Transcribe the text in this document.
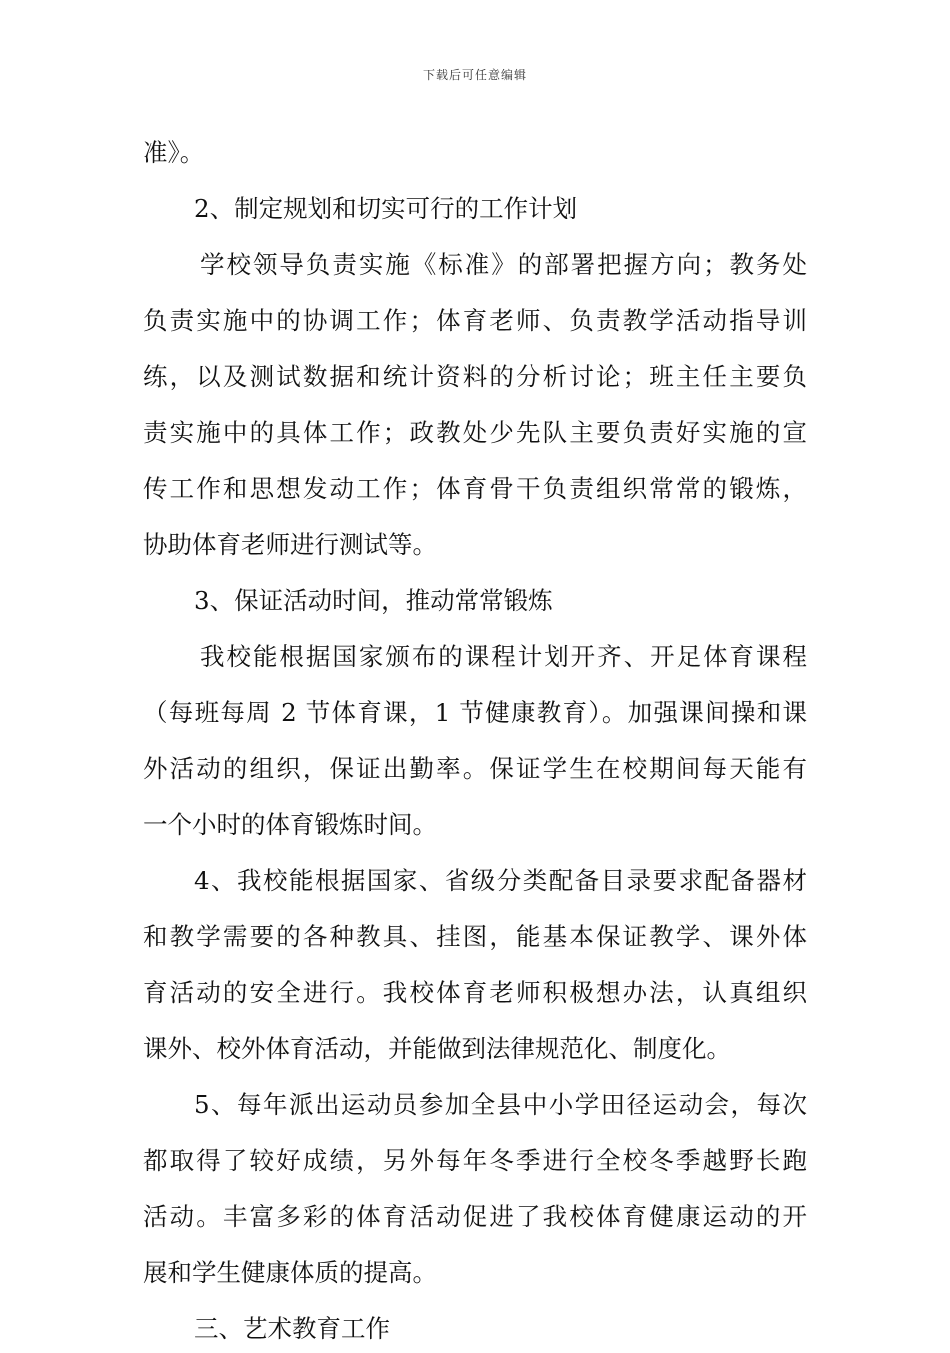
下载后可任意编辑

准》。

2、制定规划和切实可行的工作计划

学校领导负责实施《标准》的部署把握方向；教务处

负责实施中的协调工作；体育老师、负责教学活动指导训

练，以及测试数据和统计资料的分析讨论；班主任主要负

责实施中的具体工作；政教处少先队主要负责好实施的宣

传工作和思想发动工作；体育骨干负责组织常常的锻炼，

协助体育老师进行测试等。

3、保证活动时间，推动常常锻炼

我校能根据国家颁布的课程计划开齐、开足体育课程

（每班每周 2 节体育课，1 节健康教育）。加强课间操和课

外活动的组织，保证出勤率。保证学生在校期间每天能有

一个小时的体育锻炼时间。

4、我校能根据国家、省级分类配备目录要求配备器材

和教学需要的各种教具、挂图，能基本保证教学、课外体

育活动的安全进行。我校体育老师积极想办法，认真组织

课外、校外体育活动，并能做到法律规范化、制度化。

5、每年派出运动员参加全县中小学田径运动会，每次

都取得了较好成绩，另外每年冬季进行全校冬季越野长跑

活动。丰富多彩的体育活动促进了我校体育健康运动的开

展和学生健康体质的提高。

三、艺术教育工作
